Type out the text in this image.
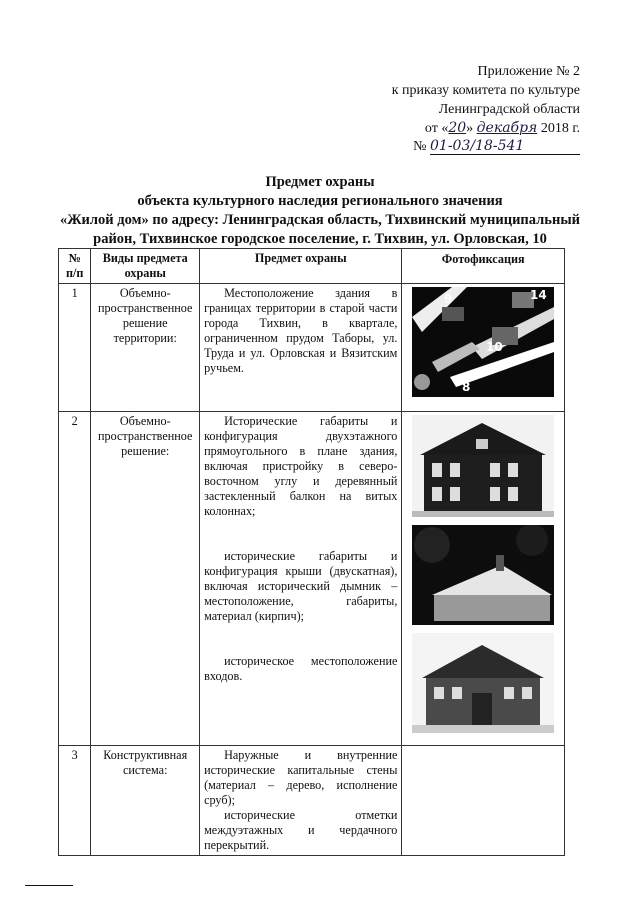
Приложение № 2
к приказу комитета по культуре
Ленинградской области
от «20» декабря 2018 г.
№ 01-03/18-541
Предмет охраны
объекта культурного наследия регионального значения
«Жилой дом» по адресу: Ленинградская область, Тихвинский муниципальный
район, Тихвинское городское поселение, г. Тихвин, ул. Орловская, 10
№ п/п	Виды предмета охраны	Предмет охраны	Фотофиксация
1	Объемно-пространственное решение территории:	Местоположение здания в границах территории в старой части города Тихвин, в квартале, ограниченном прудом Таборы, ул. Труда и ул. Орловская и Вязитским ручьем.	9
10
14
8

2	Объемно-пространственное решение:	Исторические габариты и конфигурация двухэтажного прямоугольного в плане здания, включая пристройку в северо-восточном углу и деревянный застекленный балкон на витых колоннах;
исторические габариты и конфигурация крыши (двускатная), включая исторический дымник – местоположение, габариты, материал (кирпич);
историческое местоположение входов.

3	Конструктивная система:	Наружные и внутренние исторические капитальные стены (материал – дерево, исполнение сруб);
исторические отметки междуэтажных и чердачного перекрытий.	
